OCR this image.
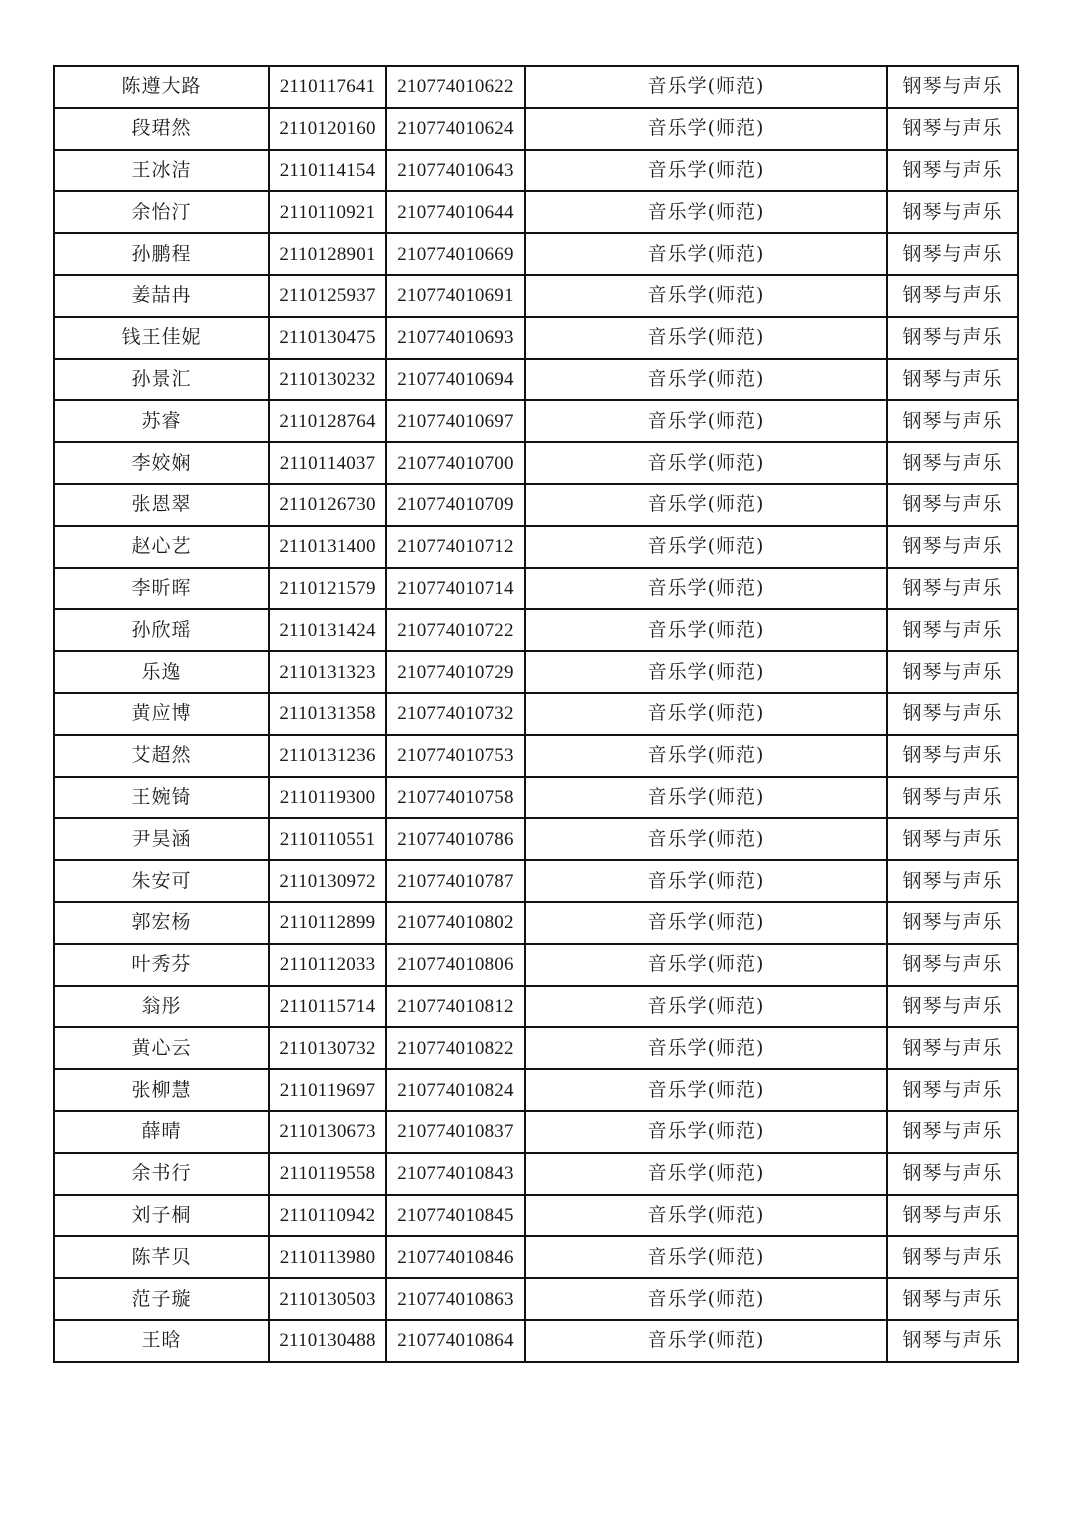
陈遵大路	2110117641	210774010622	音乐学(师范)	钢琴与声乐
段珺然	2110120160	210774010624	音乐学(师范)	钢琴与声乐
王冰洁	2110114154	210774010643	音乐学(师范)	钢琴与声乐
余怡汀	2110110921	210774010644	音乐学(师范)	钢琴与声乐
孙鹏程	2110128901	210774010669	音乐学(师范)	钢琴与声乐
姜喆冉	2110125937	210774010691	音乐学(师范)	钢琴与声乐
钱王佳妮	2110130475	210774010693	音乐学(师范)	钢琴与声乐
孙景汇	2110130232	210774010694	音乐学(师范)	钢琴与声乐
苏睿	2110128764	210774010697	音乐学(师范)	钢琴与声乐
李姣娴	2110114037	210774010700	音乐学(师范)	钢琴与声乐
张恩翠	2110126730	210774010709	音乐学(师范)	钢琴与声乐
赵心艺	2110131400	210774010712	音乐学(师范)	钢琴与声乐
李昕晖	2110121579	210774010714	音乐学(师范)	钢琴与声乐
孙欣瑶	2110131424	210774010722	音乐学(师范)	钢琴与声乐
乐逸	2110131323	210774010729	音乐学(师范)	钢琴与声乐
黄应博	2110131358	210774010732	音乐学(师范)	钢琴与声乐
艾超然	2110131236	210774010753	音乐学(师范)	钢琴与声乐
王婉锜	2110119300	210774010758	音乐学(师范)	钢琴与声乐
尹昊涵	2110110551	210774010786	音乐学(师范)	钢琴与声乐
朱安可	2110130972	210774010787	音乐学(师范)	钢琴与声乐
郭宏杨	2110112899	210774010802	音乐学(师范)	钢琴与声乐
叶秀芬	2110112033	210774010806	音乐学(师范)	钢琴与声乐
翁彤	2110115714	210774010812	音乐学(师范)	钢琴与声乐
黄心云	2110130732	210774010822	音乐学(师范)	钢琴与声乐
张柳慧	2110119697	210774010824	音乐学(师范)	钢琴与声乐
薛晴	2110130673	210774010837	音乐学(师范)	钢琴与声乐
余书行	2110119558	210774010843	音乐学(师范)	钢琴与声乐
刘子桐	2110110942	210774010845	音乐学(师范)	钢琴与声乐
陈芊贝	2110113980	210774010846	音乐学(师范)	钢琴与声乐
范子璇	2110130503	210774010863	音乐学(师范)	钢琴与声乐
王晗	2110130488	210774010864	音乐学(师范)	钢琴与声乐
